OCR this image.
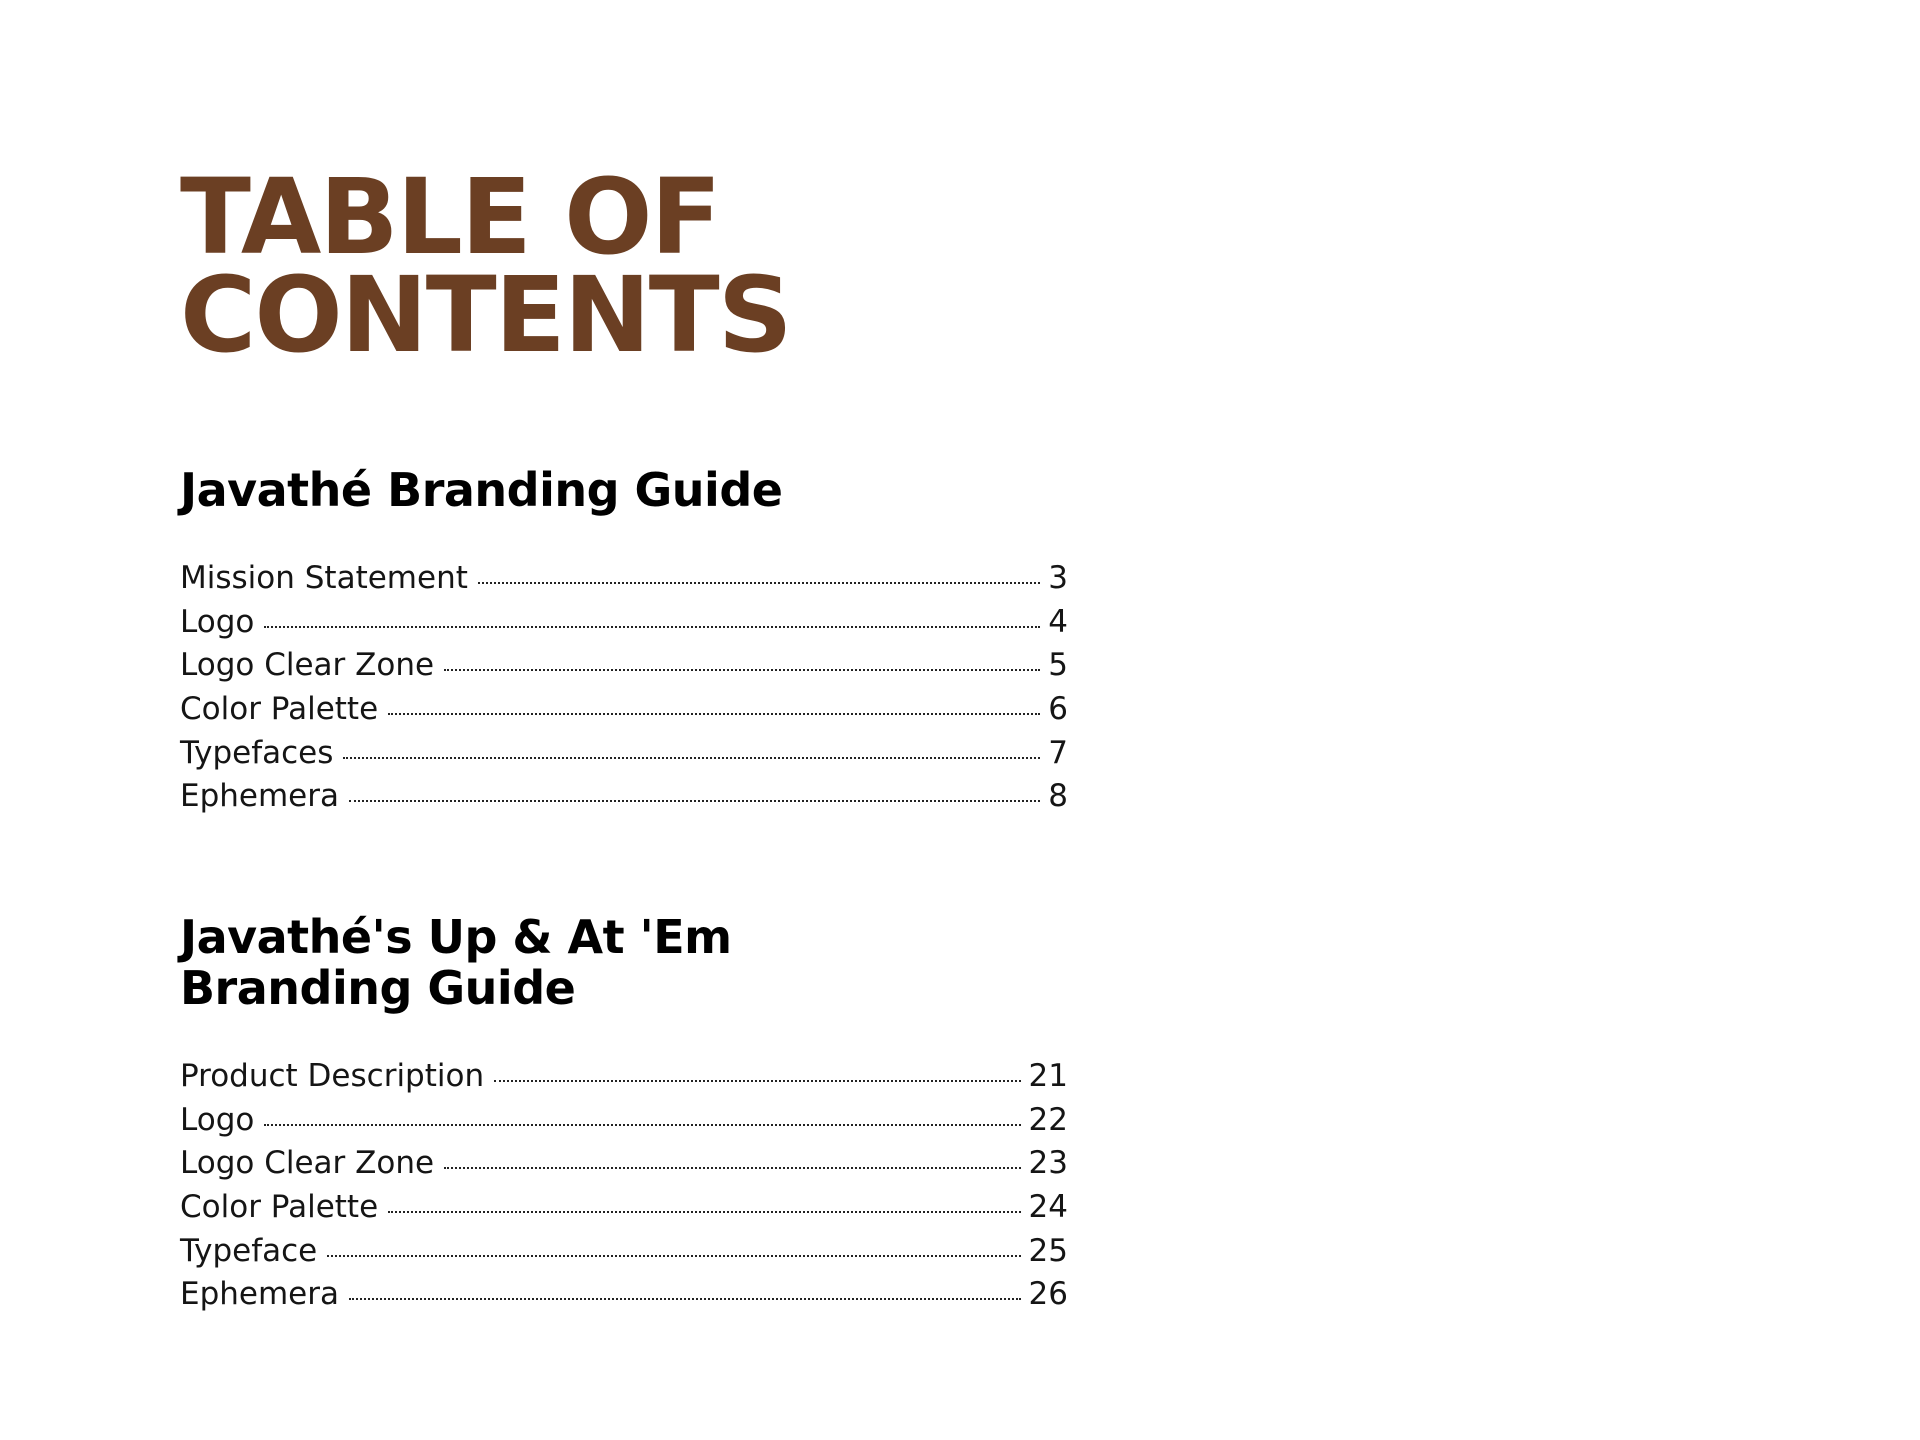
TABLE OF
CONTENTS
Javathé Branding Guide
Mission Statement	3
Logo	4
Logo Clear Zone	5
Color Palette	6
Typefaces	7
Ephemera	8
Javathé's Up & At 'Em
Branding Guide
Product Description	21
Logo	22
Logo Clear Zone	23
Color Palette	24
Typeface	25
Ephemera	26
